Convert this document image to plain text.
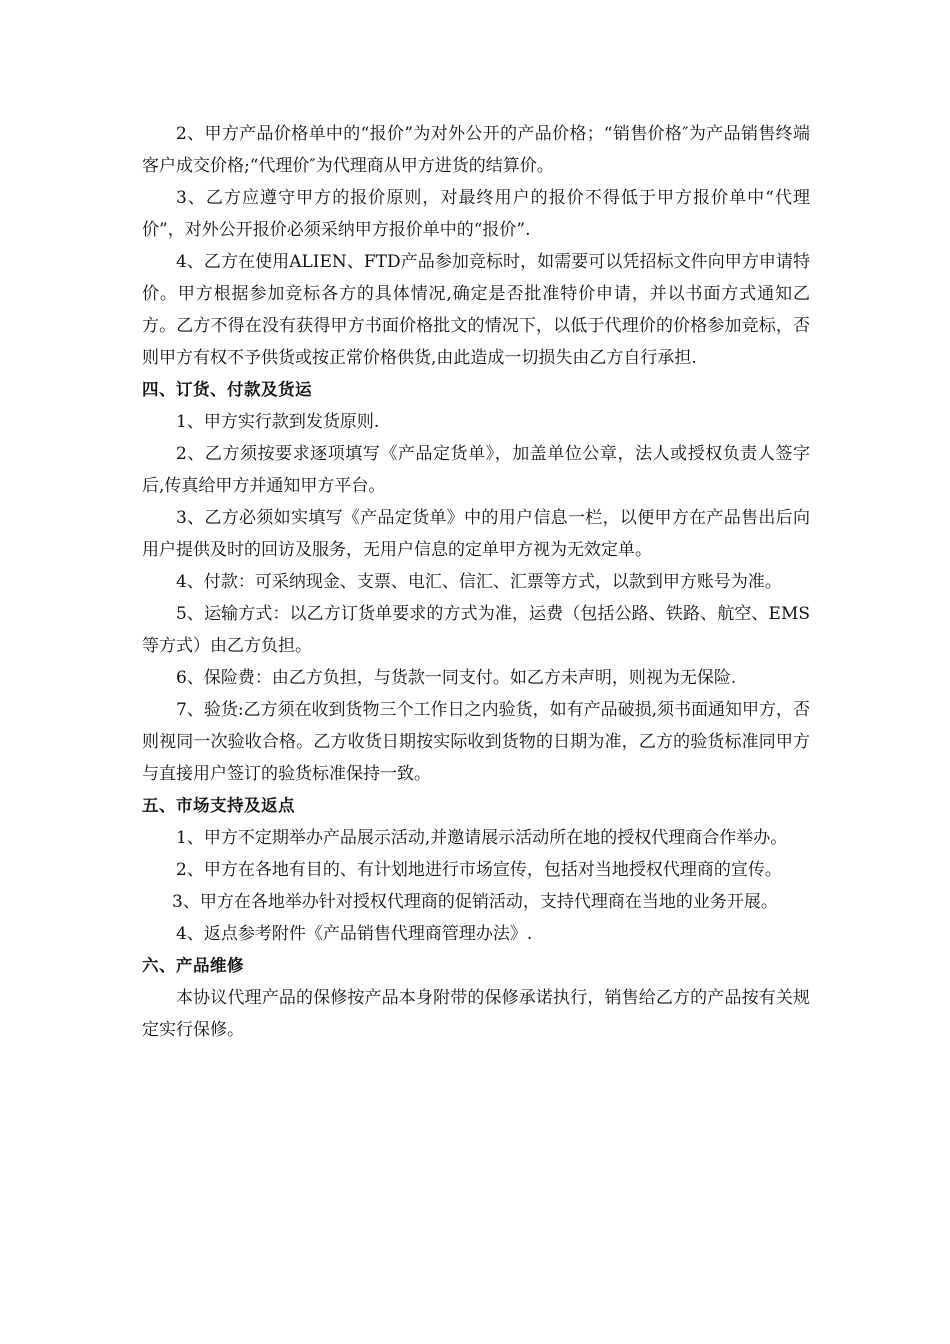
2、甲方产品价格单中的“报价”为对外公开的产品价格；“销售价格″为产品销售终端客户成交价格;“代理价″为代理商从甲方进货的结算价。

3、乙方应遵守甲方的报价原则，对最终用户的报价不得低于甲方报价单中“代理价”，对外公开报价必须采纳甲方报价单中的“报价”.

4、乙方在使用ALIEN、FTD产品参加竞标时，如需要可以凭招标文件向甲方申请特价。甲方根据参加竞标各方的具体情况,确定是否批准特价申请，并以书面方式通知乙方。乙方不得在没有获得甲方书面价格批文的情况下，以低于代理价的价格参加竞标，否则甲方有权不予供货或按正常价格供货,由此造成一切损失由乙方自行承担.

四、订货、付款及货运

1、甲方实行款到发货原则.

2、乙方须按要求逐项填写《产品定货单》，加盖单位公章，法人或授权负责人签字后,传真给甲方并通知甲方平台。

3、乙方必须如实填写《产品定货单》中的用户信息一栏，以便甲方在产品售出后向用户提供及时的回访及服务，无用户信息的定单甲方视为无效定单。

4、付款：可采纳现金、支票、电汇、信汇、汇票等方式，以款到甲方账号为准。

5、运输方式：以乙方订货单要求的方式为准，运费（包括公路、铁路、航空、EMS等方式）由乙方负担。

6、保险费：由乙方负担，与货款一同支付。如乙方未声明，则视为无保险.

7、验货:乙方须在收到货物三个工作日之内验货，如有产品破损,须书面通知甲方，否则视同一次验收合格。乙方收货日期按实际收到货物的日期为准，乙方的验货标准同甲方与直接用户签订的验货标准保持一致。

五、市场支持及返点

1、甲方不定期举办产品展示活动,并邀请展示活动所在地的授权代理商合作举办。

2、甲方在各地有目的、有计划地进行市场宣传，包括对当地授权代理商的宣传。

3、甲方在各地举办针对授权代理商的促销活动，支持代理商在当地的业务开展。

4、返点参考附件《产品销售代理商管理办法》.

六、产品维修

本协议代理产品的保修按产品本身附带的保修承诺执行，销售给乙方的产品按有关规定实行保修。
